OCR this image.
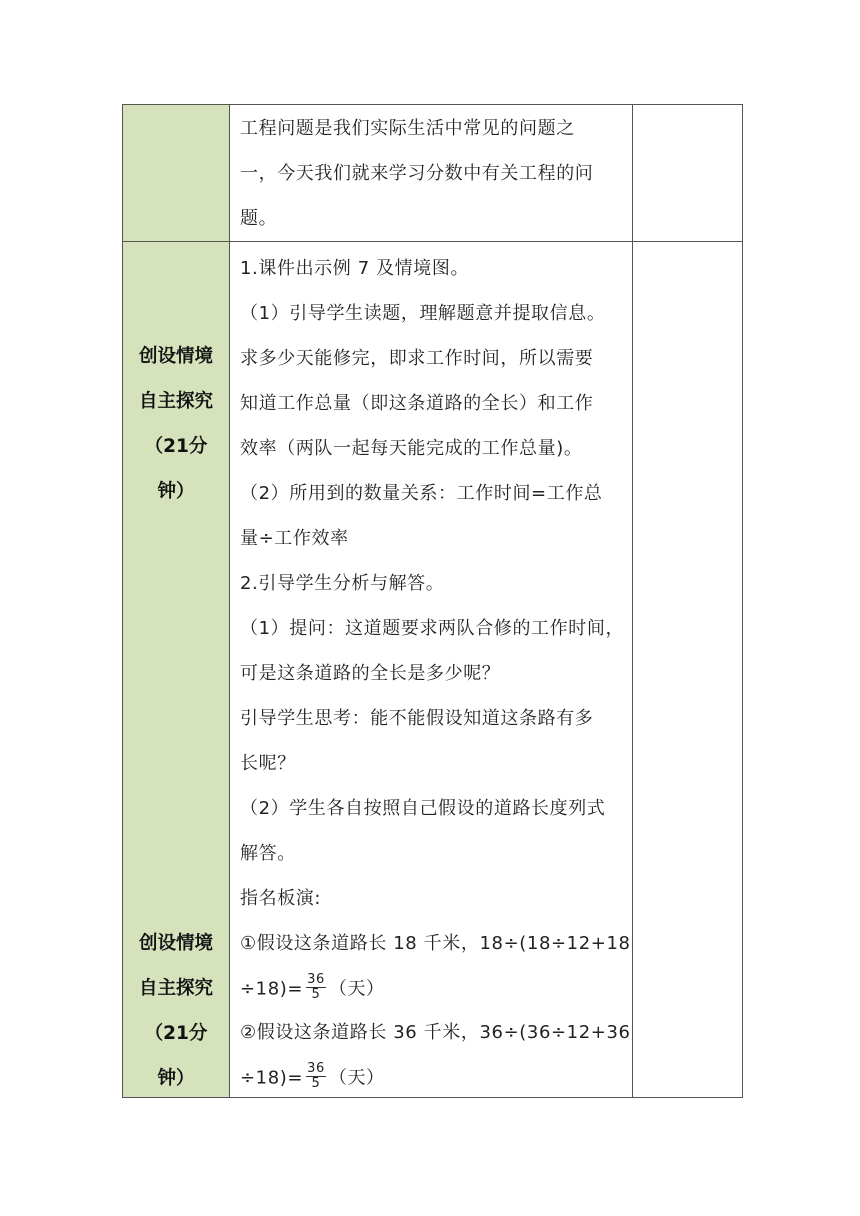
工程问题是我们实际生活中常见的问题之
一，今天我们就来学习分数中有关工程的问
题。
创设情境
自主探究
（21分
钟）
创设情境
自主探究
（21分
钟）
1.课件出示例 7 及情境图。
（1）引导学生读题，理解题意并提取信息。
求多少天能修完，即求工作时间，所以需要
知道工作总量（即这条道路的全长）和工作
效率（两队一起每天能完成的工作总量)。
（2）所用到的数量关系：工作时间=工作总
量÷工作效率
2.引导学生分析与解答。
（1）提问：这道题要求两队合修的工作时间，
可是这条道路的全长是多少呢？
引导学生思考：能不能假设知道这条路有多
长呢？
（2）学生各自按照自己假设的道路长度列式
解答。
指名板演:
①假设这条道路长 18 千米，18÷(18÷12+18
$\div 18)= \frac{36}{5}$ （天）
②假设这条道路长 36 千米，36÷(36÷12+36
$\div 18)= \frac{36}{5}$ （天）
